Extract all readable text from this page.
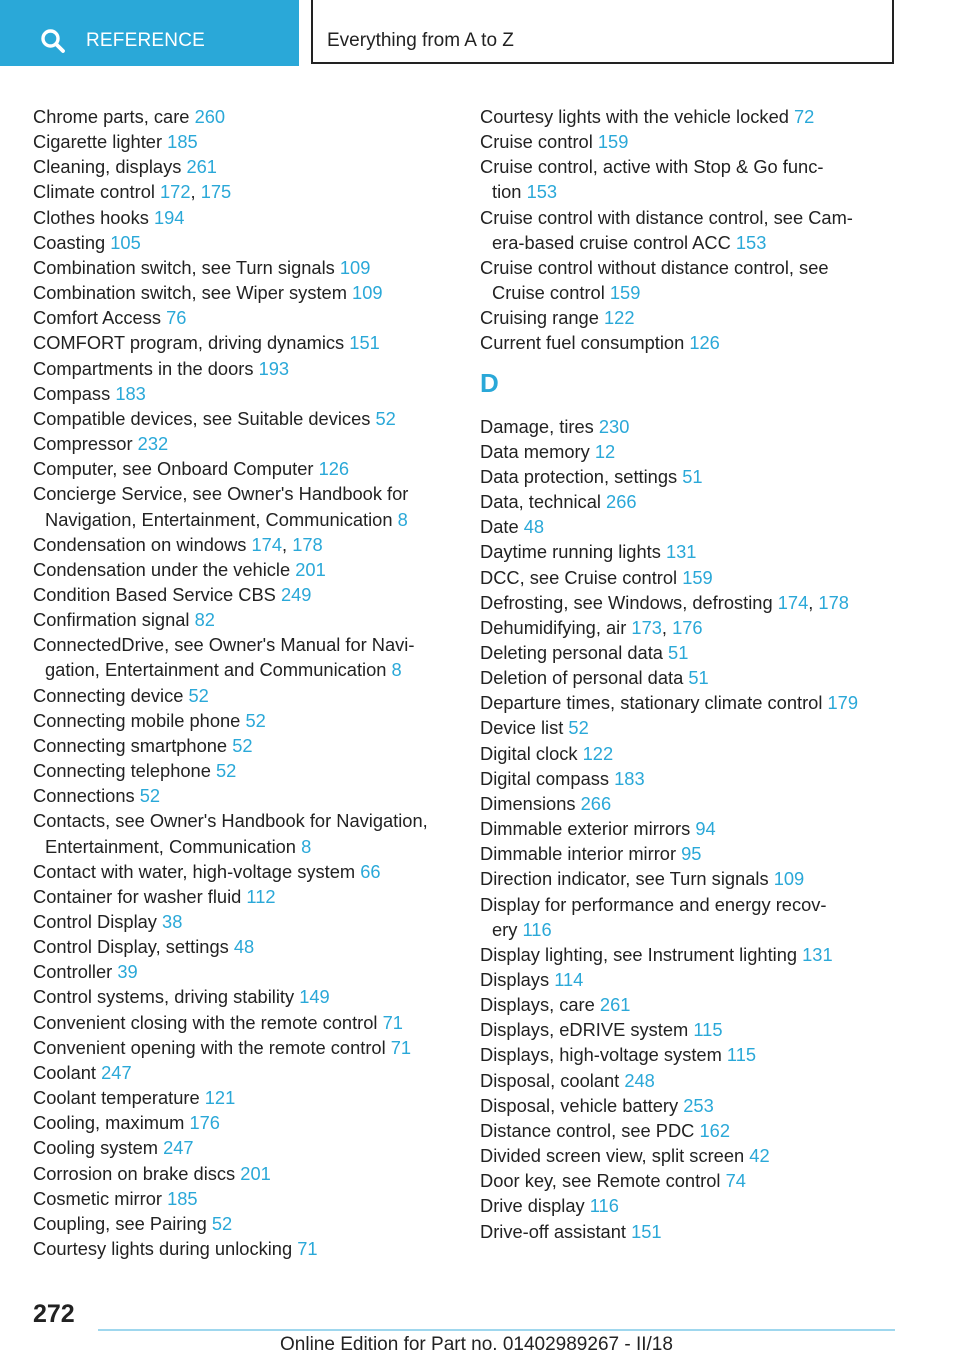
REFERENCE	Everything from A to Z
Chrome parts, care 260
Cigarette lighter 185
Cleaning, displays 261
Climate control 172, 175
Clothes hooks 194
Coasting 105
Combination switch, see Turn signals 109
Combination switch, see Wiper system 109
Comfort Access 76
COMFORT program, driving dynamics 151
Compartments in the doors 193
Compass 183
Compatible devices, see Suitable devices 52
Compressor 232
Computer, see Onboard Computer 126
Concierge Service, see Owner's Handbook for
Navigation, Entertainment, Communication 8
Condensation on windows 174, 178
Condensation under the vehicle 201
Condition Based Service CBS 249
Confirmation signal 82
ConnectedDrive, see Owner's Manual for Navi‐
gation, Entertainment and Communication 8
Connecting device 52
Connecting mobile phone 52
Connecting smartphone 52
Connecting telephone 52
Connections 52
Contacts, see Owner's Handbook for Navigation,
Entertainment, Communication 8
Contact with water, high-voltage system 66
Container for washer fluid 112
Control Display 38
Control Display, settings 48
Controller 39
Control systems, driving stability 149
Convenient closing with the remote control 71
Convenient opening with the remote control 71
Coolant 247
Coolant temperature 121
Cooling, maximum 176
Cooling system 247
Corrosion on brake discs 201
Cosmetic mirror 185
Coupling, see Pairing 52
Courtesy lights during unlocking 71
Courtesy lights with the vehicle locked 72
Cruise control 159
Cruise control, active with Stop & Go func‐
tion 153
Cruise control with distance control, see Cam‐
era-based cruise control ACC 153
Cruise control without distance control, see
Cruise control 159
Cruising range 122
Current fuel consumption 126
D
Damage, tires 230
Data memory 12
Data protection, settings 51
Data, technical 266
Date 48
Daytime running lights 131
DCC, see Cruise control 159
Defrosting, see Windows, defrosting 174, 178
Dehumidifying, air 173, 176
Deleting personal data 51
Deletion of personal data 51
Departure times, stationary climate control 179
Device list 52
Digital clock 122
Digital compass 183
Dimensions 266
Dimmable exterior mirrors 94
Dimmable interior mirror 95
Direction indicator, see Turn signals 109
Display for performance and energy recov‐
ery 116
Display lighting, see Instrument lighting 131
Displays 114
Displays, care 261
Displays, eDRIVE system 115
Displays, high-voltage system 115
Disposal, coolant 248
Disposal, vehicle battery 253
Distance control, see PDC 162
Divided screen view, split screen 42
Door key, see Remote control 74
Drive display 116
Drive-off assistant 151
272
Online Edition for Part no. 01402989267 - II/18
